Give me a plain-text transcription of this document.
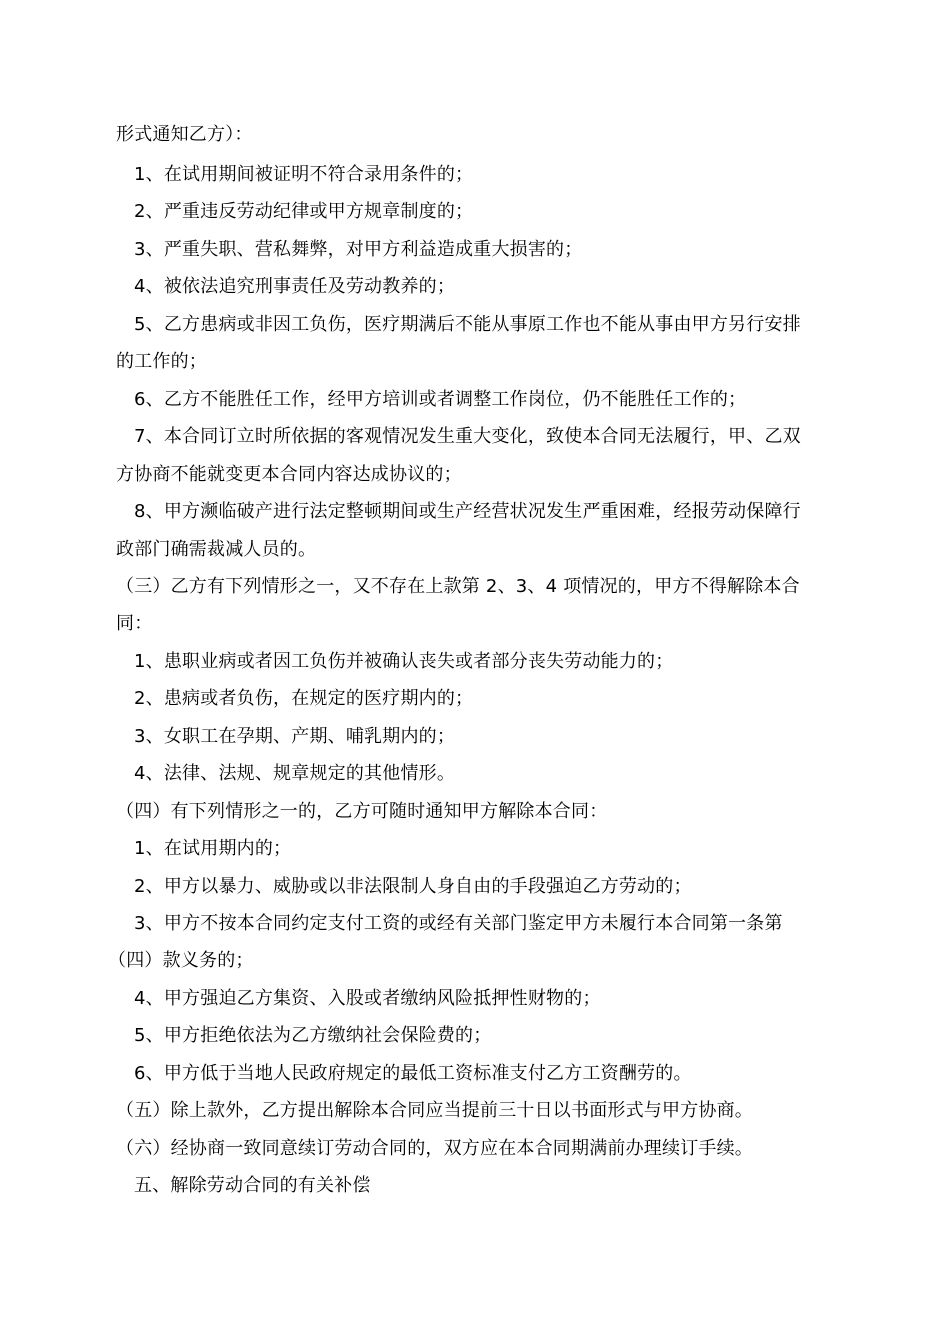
形式通知乙方）：
1、在试用期间被证明不符合录用条件的；
2、严重违反劳动纪律或甲方规章制度的；
3、严重失职、营私舞弊，对甲方利益造成重大损害的；
4、被依法追究刑事责任及劳动教养的；
5、乙方患病或非因工负伤，医疗期满后不能从事原工作也不能从事由甲方另行安排
的工作的；
6、乙方不能胜任工作，经甲方培训或者调整工作岗位，仍不能胜任工作的；
7、本合同订立时所依据的客观情况发生重大变化，致使本合同无法履行，甲、乙双
方协商不能就变更本合同内容达成协议的；
8、甲方濒临破产进行法定整顿期间或生产经营状况发生严重困难，经报劳动保障行
政部门确需裁减人员的。
（三）乙方有下列情形之一，又不存在上款第 2、3、4 项情况的，甲方不得解除本合
同：
1、患职业病或者因工负伤并被确认丧失或者部分丧失劳动能力的；
2、患病或者负伤，在规定的医疗期内的；
3、女职工在孕期、产期、哺乳期内的；
4、法律、法规、规章规定的其他情形。
（四）有下列情形之一的，乙方可随时通知甲方解除本合同：
1、在试用期内的；
2、甲方以暴力、威胁或以非法限制人身自由的手段强迫乙方劳动的；
3、甲方不按本合同约定支付工资的或经有关部门鉴定甲方未履行本合同第一条第
（四）款义务的；
4、甲方强迫乙方集资、入股或者缴纳风险抵押性财物的；
5、甲方拒绝依法为乙方缴纳社会保险费的；
6、甲方低于当地人民政府规定的最低工资标准支付乙方工资酬劳的。
（五）除上款外，乙方提出解除本合同应当提前三十日以书面形式与甲方协商。
（六）经协商一致同意续订劳动合同的，双方应在本合同期满前办理续订手续。
五、解除劳动合同的有关补偿
